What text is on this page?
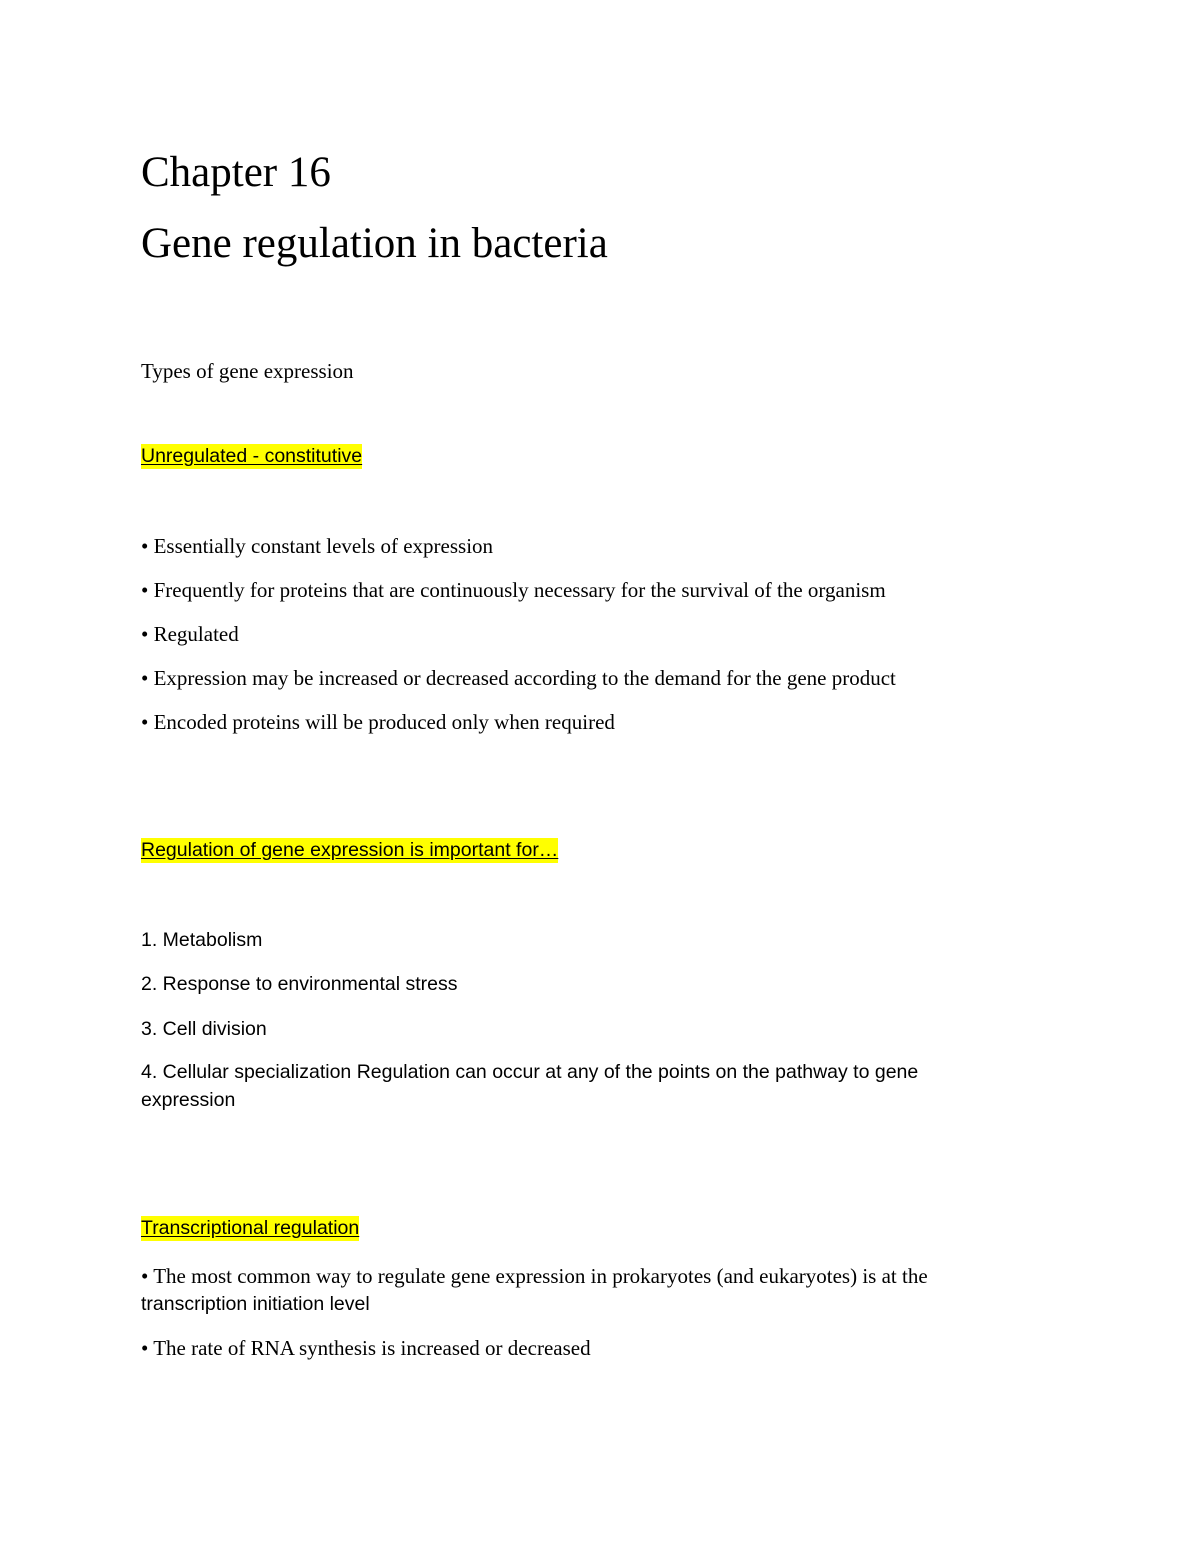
Chapter 16
Gene regulation in bacteria

Types of gene expression

Unregulated - constitutive

• Essentially constant levels of expression

• Frequently for proteins that are continuously necessary for the survival of the organism

• Regulated

• Expression may be increased or decreased according to the demand for the gene product

• Encoded proteins will be produced only when required

Regulation of gene expression is important for…

1. Metabolism

2. Response to environmental stress

3. Cell division

4. Cellular specialization Regulation can occur at any of the points on the pathway to gene

expression

Transcriptional regulation

• The most common way to regulate gene expression in prokaryotes (and eukaryotes) is at the

transcription initiation level

• The rate of RNA synthesis is increased or decreased
